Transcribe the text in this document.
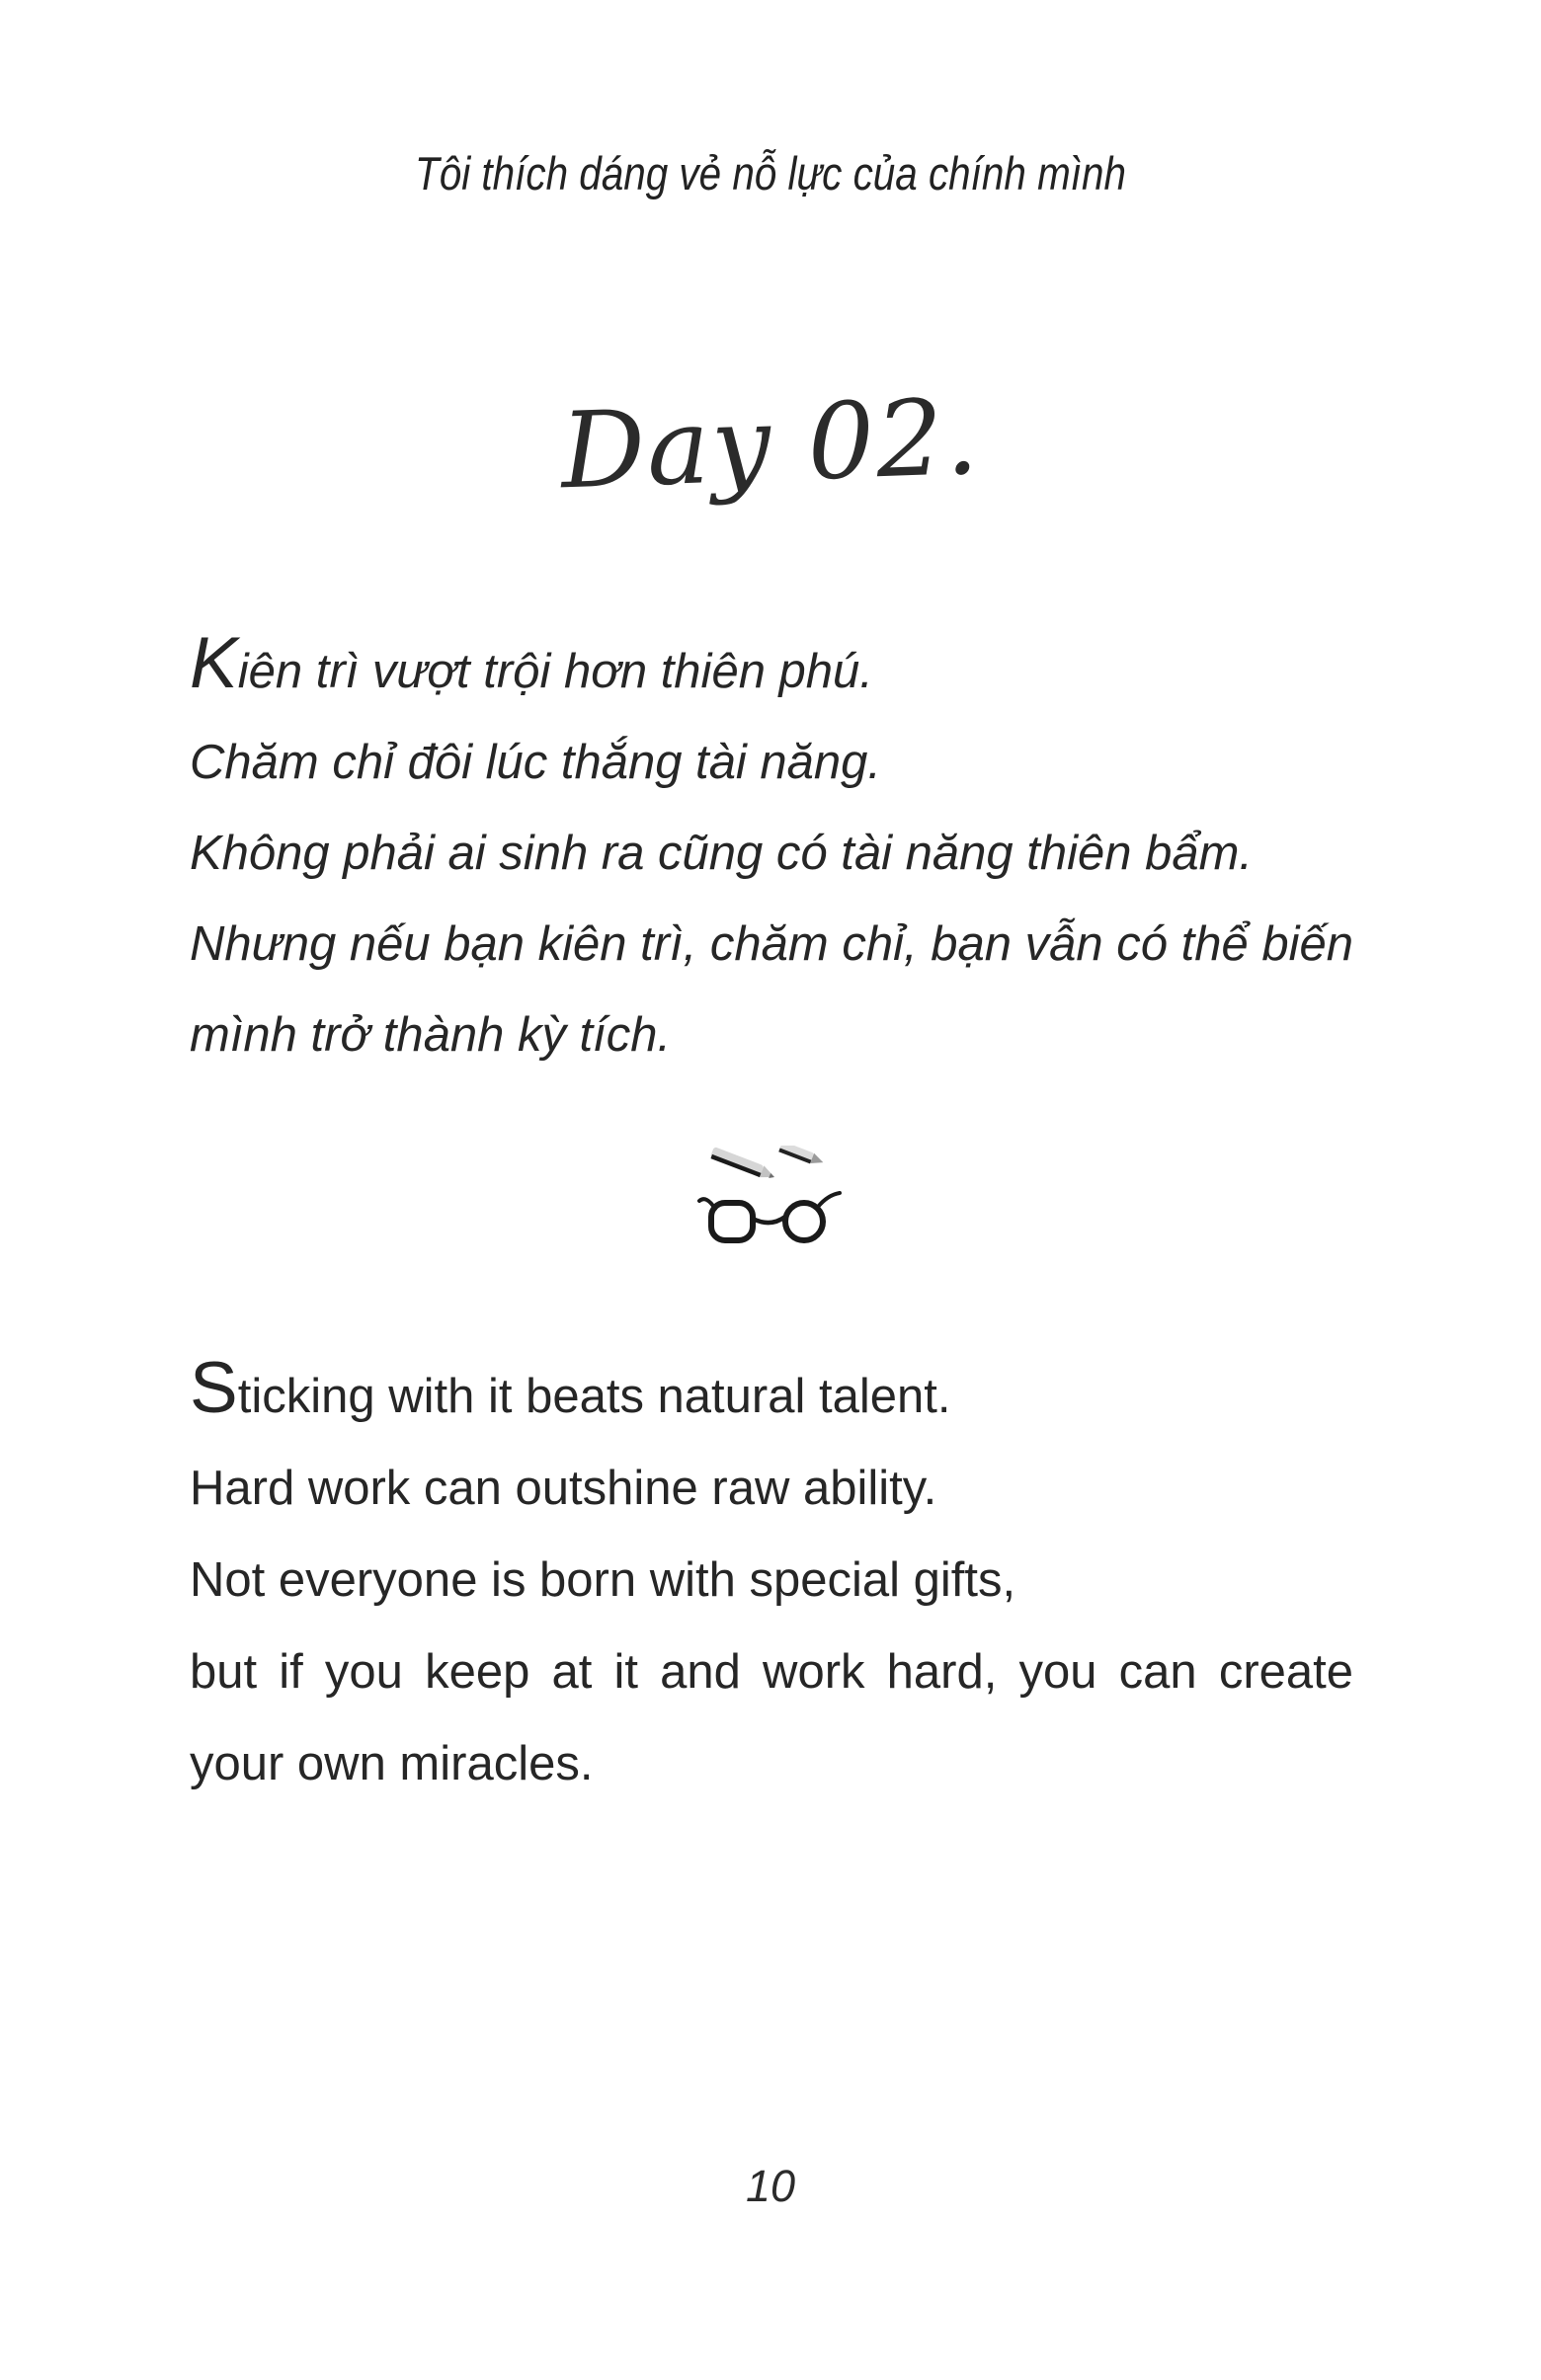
Tôi thích dáng vẻ nỗ lực của chính mình
Day 02.

Kiên trì vượt trội hơn thiên phú.

Chăm chỉ đôi lúc thắng tài năng.

Không phải ai sinh ra cũng có tài năng thiên bẩm.

Nhưng nếu bạn kiên trì, chăm chỉ, bạn vẫn có thể biến mình trở thành kỳ tích.

Sticking with it beats natural talent.

Hard work can outshine raw ability.

Not everyone is born with special gifts,

but if you keep at it and work hard, you can create your own miracles.

10
